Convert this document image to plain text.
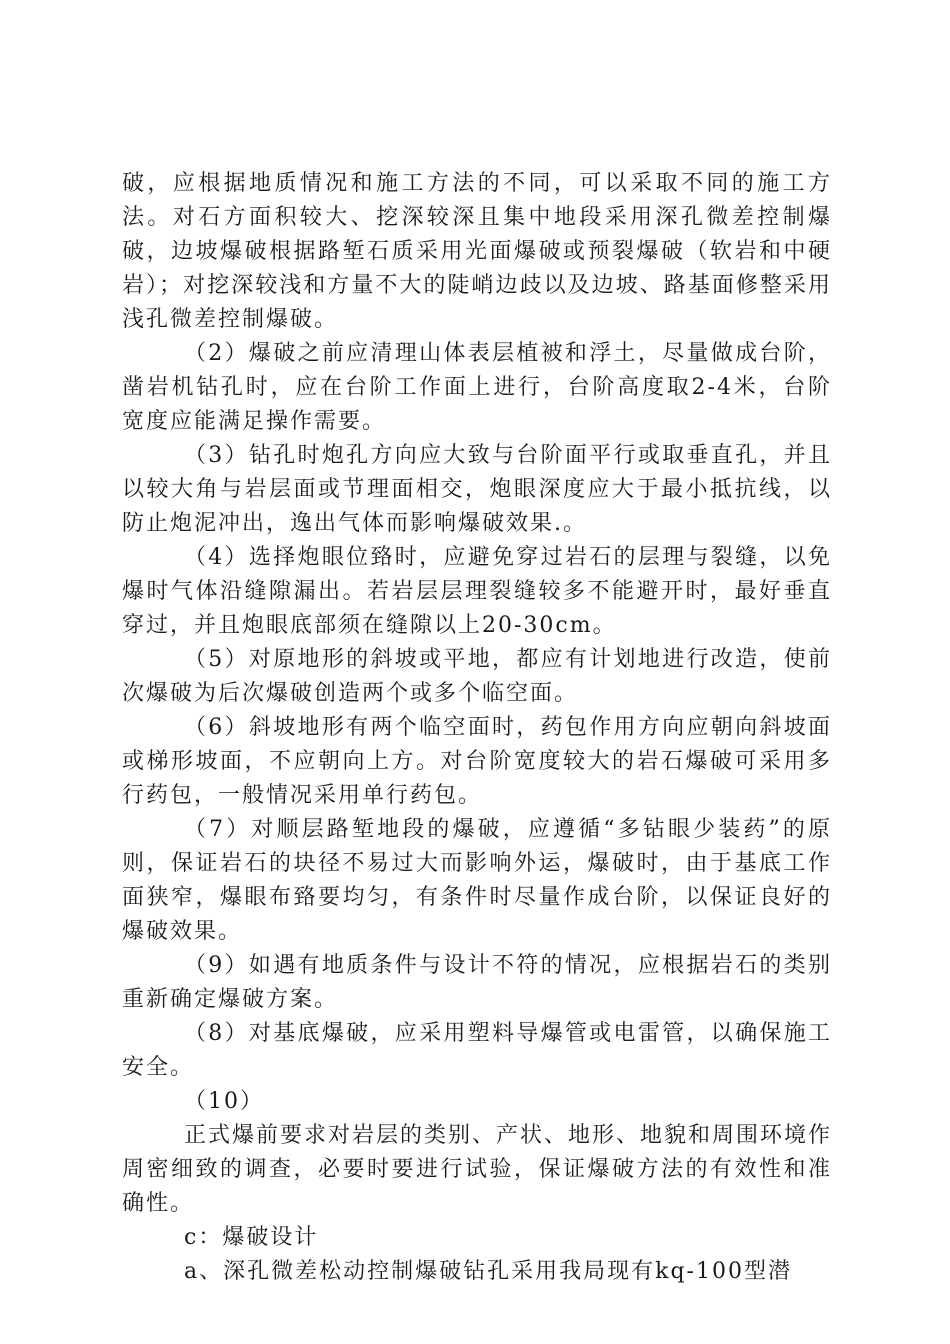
破，应根据地质情况和施工方法的不同，可以采取不同的施工方法。对石方面积较大、挖深较深且集中地段采用深孔微差控制爆破，边坡爆破根据路堑石质采用光面爆破或预裂爆破（软岩和中硬岩）；对挖深较浅和方量不大的陡峭边歧以及边坡、路基面修整采用浅孔微差控制爆破。

（2）爆破之前应清理山体表层植被和浮土，尽量做成台阶，凿岩机钻孔时，应在台阶工作面上进行，台阶高度取2-4米，台阶宽度应能满足操作需要。

（3）钻孔时炮孔方向应大致与台阶面平行或取垂直孔，并且以较大角与岩层面或节理面相交，炮眼深度应大于最小抵抗线，以防止炮泥冲出，逸出气体而影响爆破效果.。

（4）选择炮眼位臵时，应避免穿过岩石的层理与裂缝，以免爆时气体沿缝隙漏出。若岩层层理裂缝较多不能避开时，最好垂直穿过，并且炮眼底部须在缝隙以上20-30cm。

（5）对原地形的斜坡或平地，都应有计划地进行改造，使前次爆破为后次爆破创造两个或多个临空面。

（6）斜坡地形有两个临空面时，药包作用方向应朝向斜坡面或梯形坡面，不应朝向上方。对台阶宽度较大的岩石爆破可采用多行药包，一般情况采用单行药包。

（7）对顺层路堑地段的爆破，应遵循“多钻眼少装药”的原则，保证岩石的块径不易过大而影响外运，爆破时，由于基底工作面狭窄，爆眼布臵要均匀，有条件时尽量作成台阶，以保证良好的爆破效果。

（9）如遇有地质条件与设计不符的情况，应根据岩石的类别重新确定爆破方案。

（8）对基底爆破，应采用塑料导爆管或电雷管，以确保施工安全。

（10）

正式爆前要求对岩层的类别、产状、地形、地貌和周围环境作周密细致的调查，必要时要进行试验，保证爆破方法的有效性和准确性。

c：爆破设计

a、深孔微差松动控制爆破钻孔采用我局现有kq-100型潜
